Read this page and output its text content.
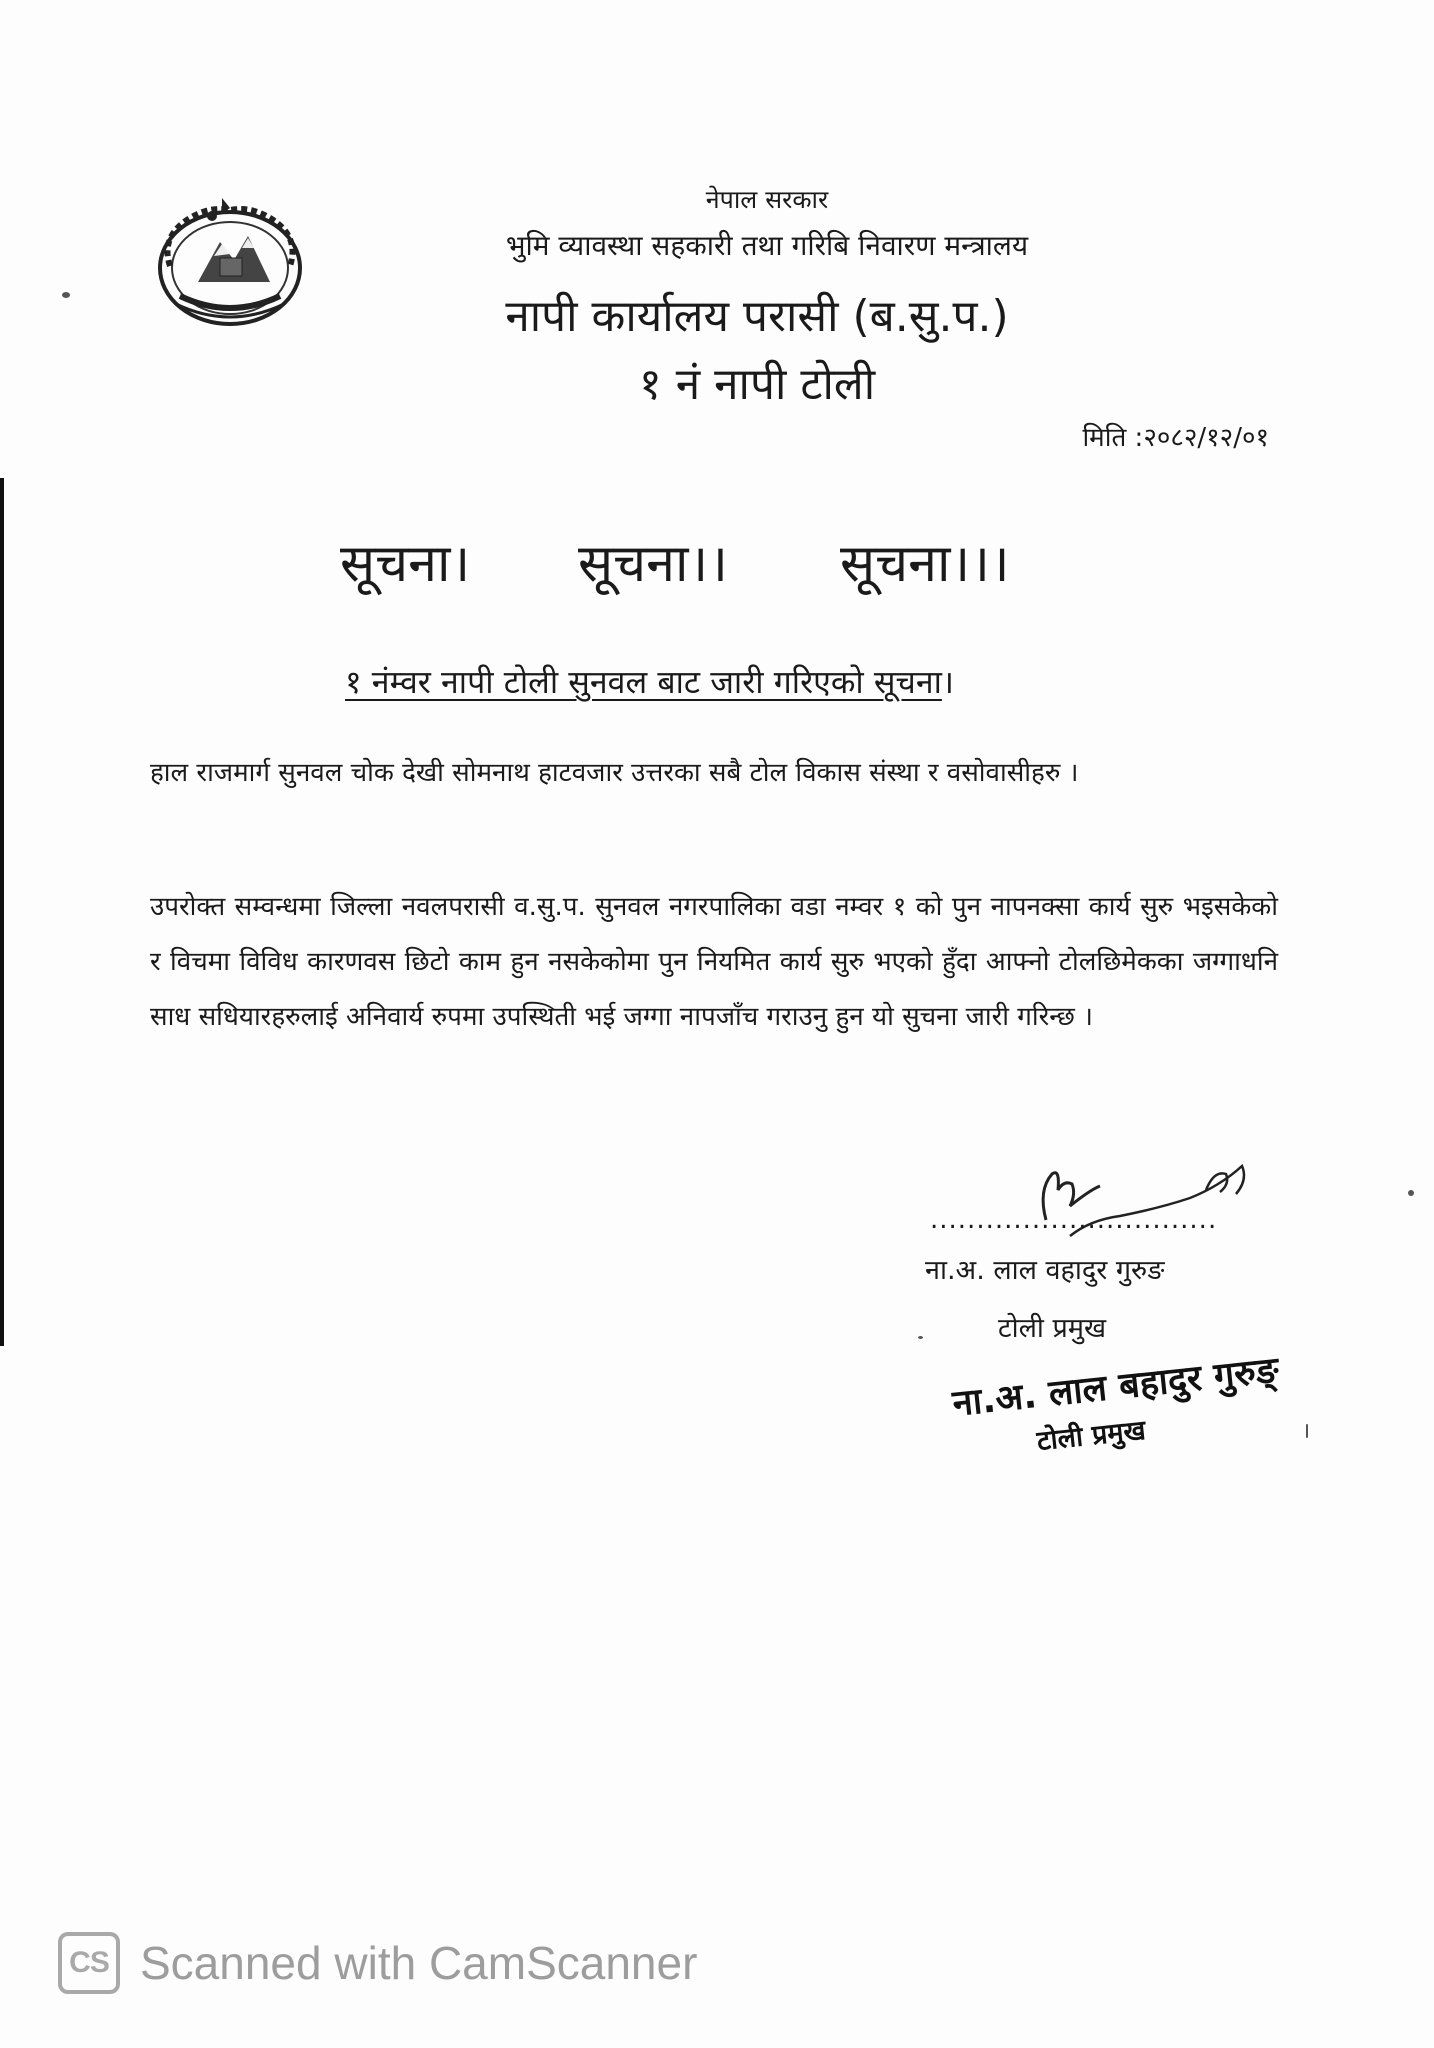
नेपाल सरकार
भुमि व्यावस्था सहकारी तथा गरिबि निवारण मन्त्रालय
नापी कार्यालय परासी (ब.सु.प.)
१ नं नापी टोली
मिति :२०८२/१२/०१
सूचना। सूचना।। सूचना।।।
१ नंम्वर नापी टोली सुनवल बाट जारी गरिएको सूचना।
हाल राजमार्ग सुनवल चोक देखी सोमनाथ हाटवजार उत्तरका सबै टोल विकास संस्था र वसोवासीहरु ।
उपरोक्त सम्वन्धमा जिल्ला नवलपरासी व.सु.प. सुनवल नगरपालिका वडा नम्वर १ को पुन नापनक्सा कार्य सुरु भइसकेको र विचमा विविध कारणवस छिटो काम हुन नसकेकोमा पुन नियमित कार्य सुरु भएको हुँदा आफ्नो टोलछिमेकका जग्गाधनि साध सधियारहरुलाई अनिवार्य रुपमा उपस्थिती भई जग्गा नापजाँच गराउनु हुन यो सुचना जारी गरिन्छ ।
...............................
ना.अ. लाल वहादुर गुरुङ
टोली प्रमुख
ना.अ. लाल बहादुर गुरुङ्
टोली प्रमुख
CS Scanned with CamScanner
